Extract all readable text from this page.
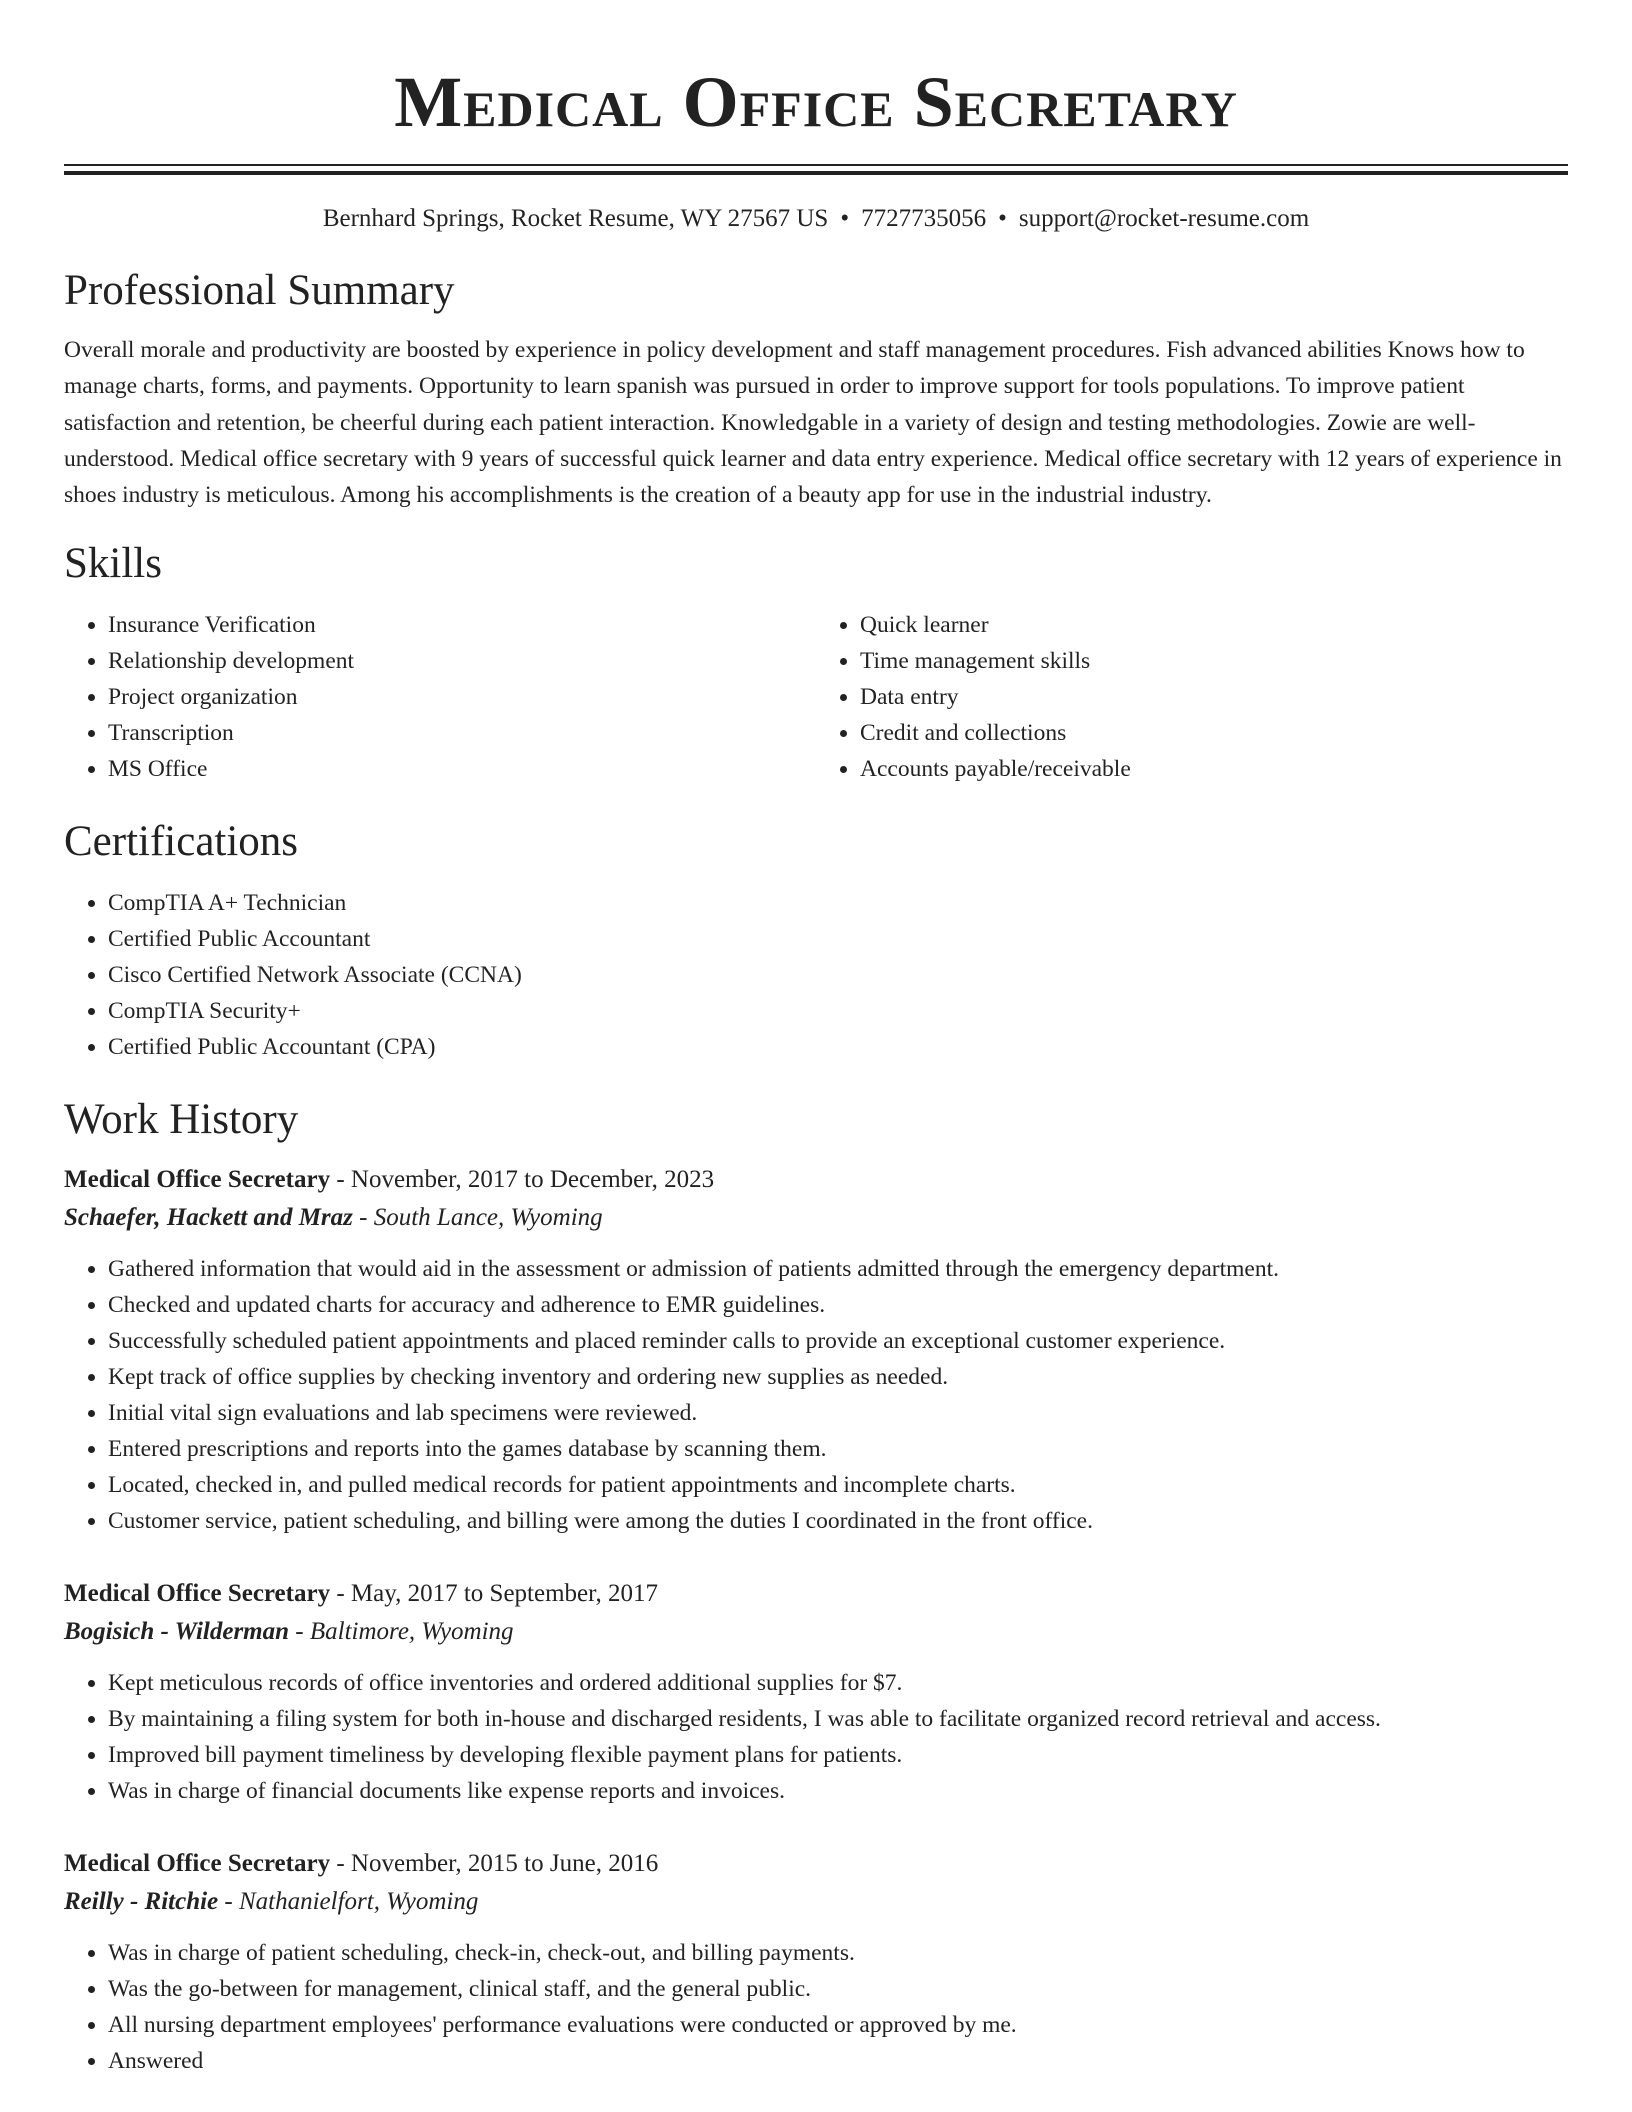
Medical Office Secretary
Bernhard Springs, Rocket Resume, WY 27567 US • 7727735056 • support@rocket-resume.com
Professional Summary
Overall morale and productivity are boosted by experience in policy development and staff management procedures. Fish advanced abilities Knows how to manage charts, forms, and payments. Opportunity to learn spanish was pursued in order to improve support for tools populations. To improve patient satisfaction and retention, be cheerful during each patient interaction. Knowledgable in a variety of design and testing methodologies. Zowie are well-understood. Medical office secretary with 9 years of successful quick learner and data entry experience. Medical office secretary with 12 years of experience in shoes industry is meticulous. Among his accomplishments is the creation of a beauty app for use in the industrial industry.
Skills
• Insurance Verification
• Relationship development
• Project organization
• Transcription
• MS Office
• Quick learner
• Time management skills
• Data entry
• Credit and collections
• Accounts payable/receivable
Certifications
• CompTIA A+ Technician
• Certified Public Accountant
• Cisco Certified Network Associate (CCNA)
• CompTIA Security+
• Certified Public Accountant (CPA)
Work History
Medical Office Secretary - November, 2017 to December, 2023
Schaefer, Hackett and Mraz - South Lance, Wyoming
• Gathered information that would aid in the assessment or admission of patients admitted through the emergency department.
• Checked and updated charts for accuracy and adherence to EMR guidelines.
• Successfully scheduled patient appointments and placed reminder calls to provide an exceptional customer experience.
• Kept track of office supplies by checking inventory and ordering new supplies as needed.
• Initial vital sign evaluations and lab specimens were reviewed.
• Entered prescriptions and reports into the games database by scanning them.
• Located, checked in, and pulled medical records for patient appointments and incomplete charts.
• Customer service, patient scheduling, and billing were among the duties I coordinated in the front office.
Medical Office Secretary - May, 2017 to September, 2017
Bogisich - Wilderman - Baltimore, Wyoming
• Kept meticulous records of office inventories and ordered additional supplies for $7.
• By maintaining a filing system for both in-house and discharged residents, I was able to facilitate organized record retrieval and access.
• Improved bill payment timeliness by developing flexible payment plans for patients.
• Was in charge of financial documents like expense reports and invoices.
Medical Office Secretary - November, 2015 to June, 2016
Reilly - Ritchie - Nathanielfort, Wyoming
• Was in charge of patient scheduling, check-in, check-out, and billing payments.
• Was the go-between for management, clinical staff, and the general public.
• All nursing department employees' performance evaluations were conducted or approved by me.
• Answered
